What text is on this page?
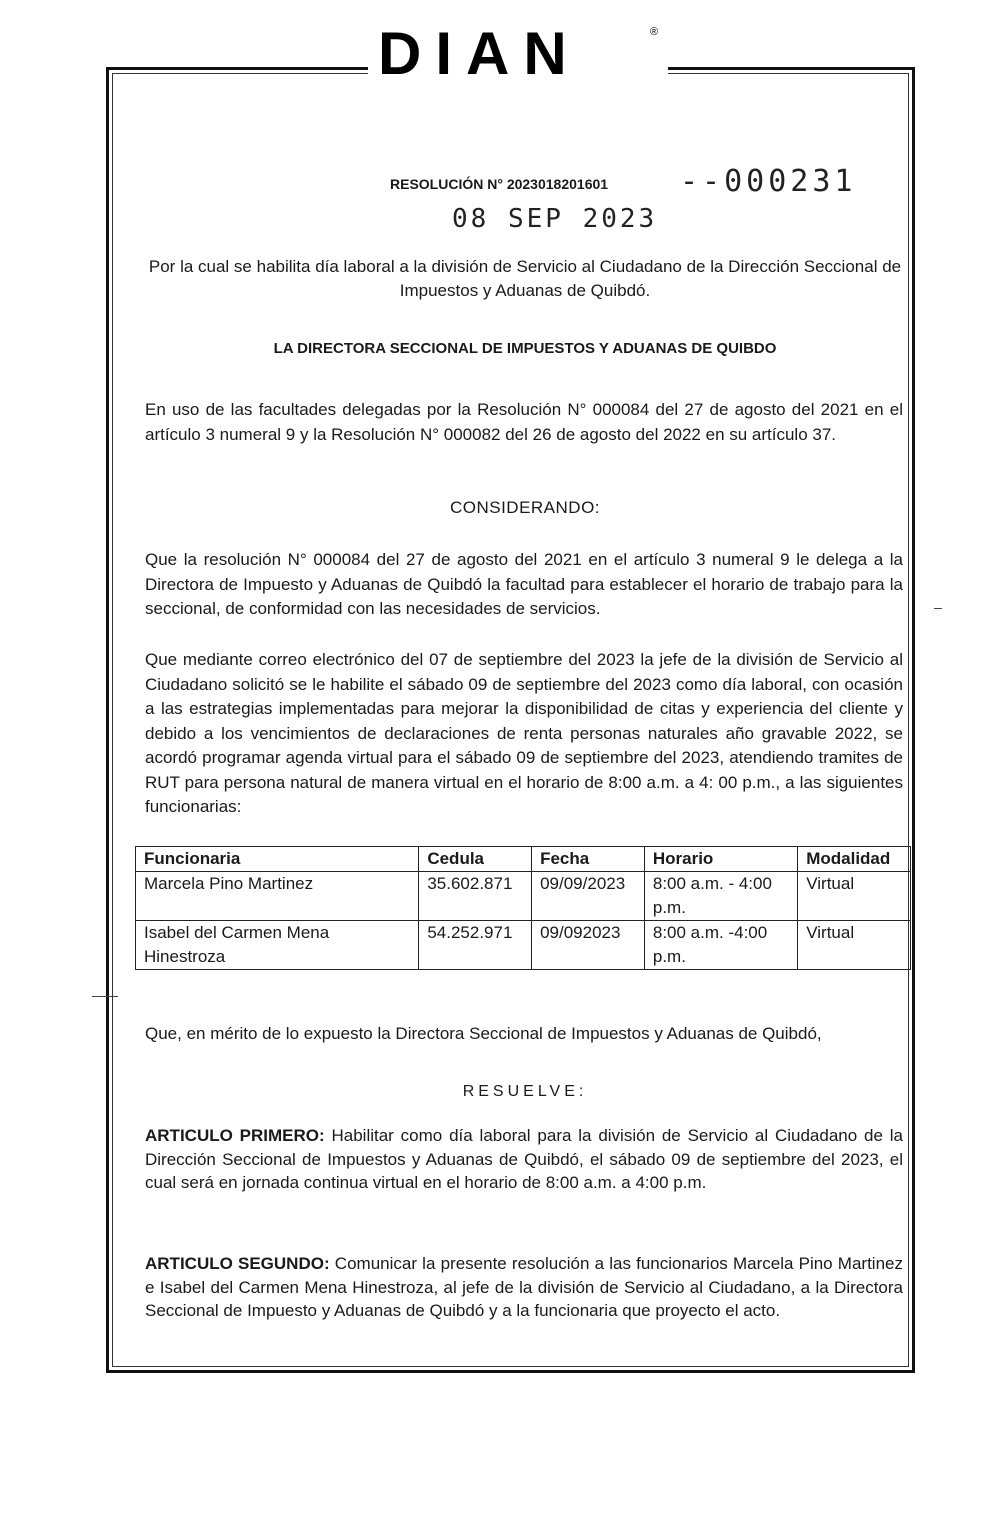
DIAN	®
RESOLUCIÓN N° 2023018201601 --000231
08 SEP 2023
Por la cual se habilita día laboral a la división de Servicio al Ciudadano de la Dirección Seccional de Impuestos y Aduanas de Quibdó.
LA DIRECTORA SECCIONAL DE IMPUESTOS Y ADUANAS DE QUIBDO

En uso de las facultades delegadas por la Resolución N° 000084 del 27 de agosto del 2021 en el artículo 3 numeral 9 y la Resolución N° 000082 del 26 de agosto del 2022 en su artículo 37.

CONSIDERANDO:

Que la resolución N° 000084 del 27 de agosto del 2021 en el artículo 3 numeral 9 le delega a la Directora de Impuesto y Aduanas de Quibdó la facultad para establecer el horario de trabajo para la seccional, de conformidad con las necesidades de servicios.

Que mediante correo electrónico del 07 de septiembre del 2023 la jefe de la división de Servicio al Ciudadano solicitó se le habilite el sábado 09 de septiembre del 2023 como día laboral, con ocasión a las estrategias implementadas para mejorar la disponibilidad de citas y experiencia del cliente y debido a los vencimientos de declaraciones de renta personas naturales año gravable 2022, se acordó programar agenda virtual para el sábado 09 de septiembre del 2023, atendiendo tramites de RUT para persona natural de manera virtual en el horario de 8:00 a.m. a 4: 00 p.m., a las siguientes funcionarias:

Funcionaria	Cedula	Fecha	Horario	Modalidad
Marcela Pino Martinez	35.602.871	09/09/2023	8:00 a.m. - 4:00 p.m.	Virtual
Isabel del Carmen Mena Hinestroza	54.252.971	09/092023	8:00 a.m. -4:00 p.m.	Virtual

Que, en mérito de lo expuesto la Directora Seccional de Impuestos y Aduanas de Quibdó,

RESUELVE:

ARTICULO PRIMERO: Habilitar como día laboral para la división de Servicio al Ciudadano de la Dirección Seccional de Impuestos y Aduanas de Quibdó, el sábado 09 de septiembre del 2023, el cual será en jornada continua virtual en el horario de 8:00 a.m. a 4:00 p.m.

ARTICULO SEGUNDO: Comunicar la presente resolución a las funcionarios Marcela Pino Martinez e Isabel del Carmen Mena Hinestroza, al jefe de la división de Servicio al Ciudadano, a la Directora Seccional de Impuesto y Aduanas de Quibdó y a la funcionaria que proyecto el acto.
